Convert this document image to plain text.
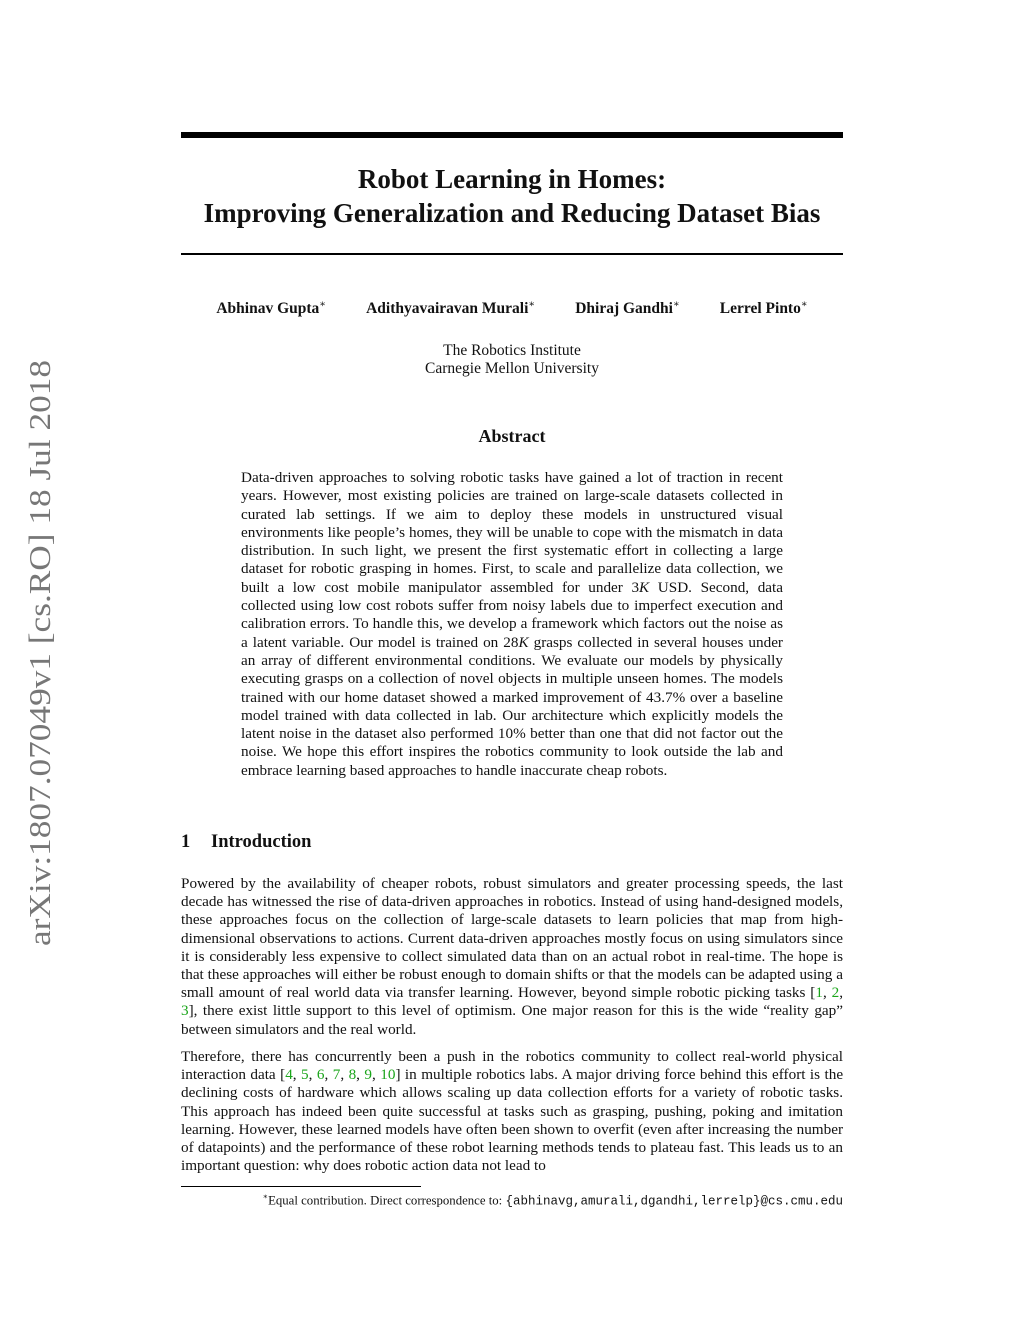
arXiv:1807.07049v1 [cs.RO] 18 Jul 2018
Robot Learning in Homes:
Improving Generalization and Reducing Dataset Bias
Abhinav Gupta∗	Adithyavairavan Murali∗	Dhiraj Gandhi∗	Lerrel Pinto∗
The Robotics Institute
Carnegie Mellon University
Abstract
Data-driven approaches to solving robotic tasks have gained a lot of traction in recent years. However, most existing policies are trained on large-scale datasets collected in curated lab settings. If we aim to deploy these models in unstructured visual environments like people’s homes, they will be unable to cope with the mismatch in data distribution. In such light, we present the first systematic effort in collecting a large dataset for robotic grasping in homes. First, to scale and parallelize data collection, we built a low cost mobile manipulator assembled for under 3K USD. Second, data collected using low cost robots suffer from noisy labels due to imperfect execution and calibration errors. To handle this, we develop a framework which factors out the noise as a latent variable. Our model is trained on 28K grasps collected in several houses under an array of different environmental conditions. We evaluate our models by physically executing grasps on a collection of novel objects in multiple unseen homes. The models trained with our home dataset showed a marked improvement of 43.7% over a baseline model trained with data collected in lab. Our architecture which explicitly models the latent noise in the dataset also performed 10% better than one that did not factor out the noise. We hope this effort inspires the robotics community to look outside the lab and embrace learning based approaches to handle inaccurate cheap robots.
1 Introduction
Powered by the availability of cheaper robots, robust simulators and greater processing speeds, the last decade has witnessed the rise of data-driven approaches in robotics. Instead of using hand-designed models, these approaches focus on the collection of large-scale datasets to learn policies that map from high-dimensional observations to actions. Current data-driven approaches mostly focus on using simulators since it is considerably less expensive to collect simulated data than on an actual robot in real-time. The hope is that these approaches will either be robust enough to domain shifts or that the models can be adapted using a small amount of real world data via transfer learning. However, beyond simple robotic picking tasks [1, 2, 3], there exist little support to this level of optimism. One major reason for this is the wide “reality gap” between simulators and the real world.
Therefore, there has concurrently been a push in the robotics community to collect real-world physical interaction data [4, 5, 6, 7, 8, 9, 10] in multiple robotics labs. A major driving force behind this effort is the declining costs of hardware which allows scaling up data collection efforts for a variety of robotic tasks. This approach has indeed been quite successful at tasks such as grasping, pushing, poking and imitation learning. However, these learned models have often been shown to overfit (even after increasing the number of datapoints) and the performance of these robot learning methods tends to plateau fast. This leads us to an important question: why does robotic action data not lead to
∗Equal contribution. Direct correspondence to: {abhinavg,amurali,dgandhi,lerrelp}@cs.cmu.edu
